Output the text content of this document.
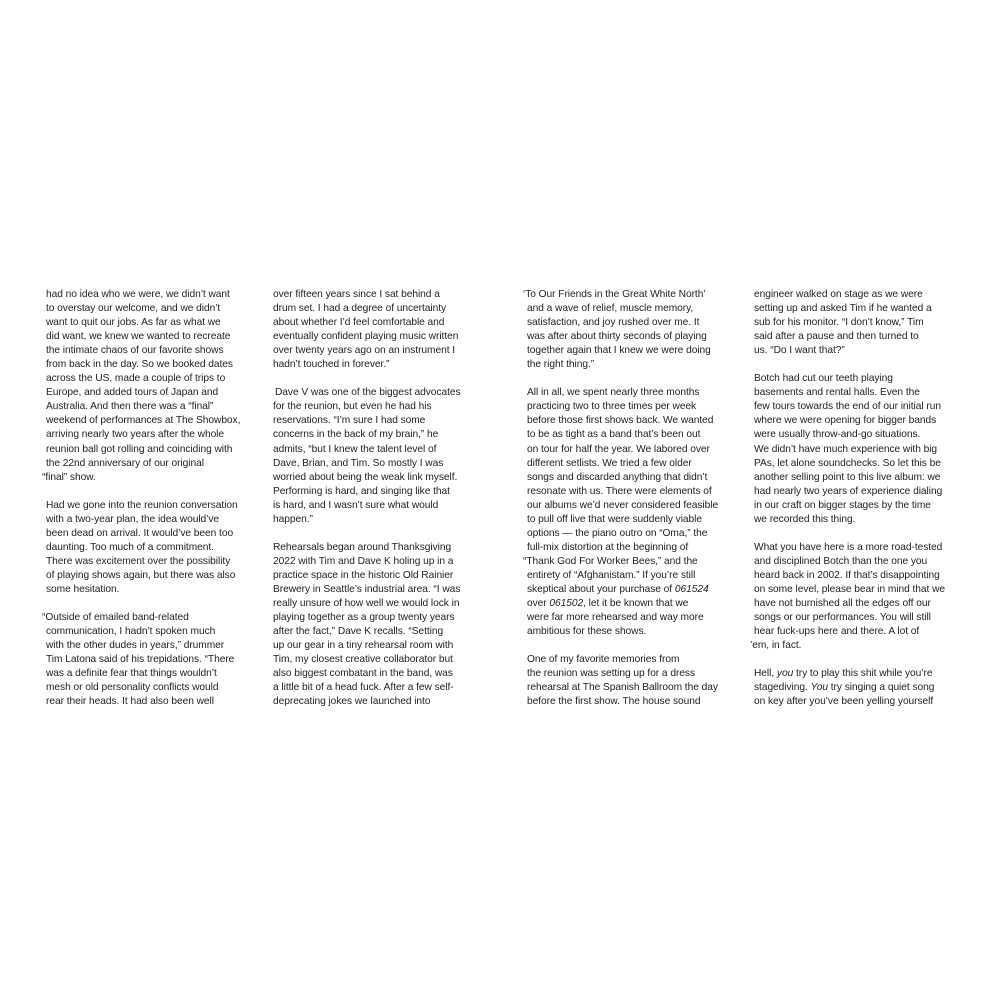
had no idea who we were, we didn’t want
to overstay our welcome, and we didn’t
want to quit our jobs. As far as what we
did want, we knew we wanted to recreate
the intimate chaos of our favorite shows
from back in the day. So we booked dates
across the US, made a couple of trips to
Europe, and added tours of Japan and
Australia. And then there was a “final”
weekend of performances at The Showbox,
arriving nearly two years after the whole
reunion ball got rolling and coinciding with
the 22nd anniversary of our original
“final” show.

Had we gone into the reunion conversation
with a two-year plan, the idea would’ve
been dead on arrival. It would’ve been too
daunting. Too much of a commitment.
There was excitement over the possibility
of playing shows again, but there was also
some hesitation.

“Outside of emailed band-related
communication, I hadn’t spoken much
with the other dudes in years,” drummer
Tim Latona said of his trepidations. “There
was a definite fear that things wouldn’t
mesh or old personality conflicts would
rear their heads. It had also been well

over fifteen years since I sat behind a
drum set. I had a degree of uncertainty
about whether I’d feel comfortable and
eventually confident playing music written
over twenty years ago on an instrument I
hadn’t touched in forever.”

Dave V was one of the biggest advocates
for the reunion, but even he had his
reservations. “I’m sure I had some
concerns in the back of my brain,” he
admits, “but I knew the talent level of
Dave, Brian, and Tim. So mostly I was
worried about being the weak link myself.
Performing is hard, and singing like that
is hard, and I wasn’t sure what would
happen.”

Rehearsals began around Thanksgiving
2022 with Tim and Dave K holing up in a
practice space in the historic Old Rainier
Brewery in Seattle’s industrial area. “I was
really unsure of how well we would lock in
playing together as a group twenty years
after the fact,” Dave K recalls. “Setting
up our gear in a tiny rehearsal room with
Tim, my closest creative collaborator but
also biggest combatant in the band, was
a little bit of a head fuck. After a few self-
deprecating jokes we launched into

‘To Our Friends in the Great White North’
and a wave of relief, muscle memory,
satisfaction, and joy rushed over me. It
was after about thirty seconds of playing
together again that I knew we were doing
the right thing.”

All in all, we spent nearly three months
practicing two to three times per week
before those first shows back. We wanted
to be as tight as a band that’s been out
on tour for half the year. We labored over
different setlists. We tried a few older
songs and discarded anything that didn’t
resonate with us. There were elements of
our albums we’d never considered feasible
to pull off live that were suddenly viable
options — the piano outro on “Oma,” the
full-mix distortion at the beginning of
“Thank God For Worker Bees,” and the
entirety of “Afghanistam.” If you’re still
skeptical about your purchase of 061524
over 061502, let it be known that we
were far more rehearsed and way more
ambitious for these shows.

One of my favorite memories from
the reunion was setting up for a dress
rehearsal at The Spanish Ballroom the day
before the first show. The house sound

engineer walked on stage as we were
setting up and asked Tim if he wanted a
sub for his monitor. “I don’t know,” Tim
said after a pause and then turned to
us. “Do I want that?”

Botch had cut our teeth playing
basements and rental halls. Even the
few tours towards the end of our initial run
where we were opening for bigger bands
were usually throw-and-go situations.
We didn’t have much experience with big
PAs, let alone soundchecks. So let this be
another selling point to this live album: we
had nearly two years of experience dialing
in our craft on bigger stages by the time
we recorded this thing.

What you have here is a more road-tested
and disciplined Botch than the one you
heard back in 2002. If that’s disappointing
on some level, please bear in mind that we
have not burnished all the edges off our
songs or our performances. You will still
hear fuck-ups here and there. A lot of
’em, in fact.

Hell, you try to play this shit while you’re
stagediving. You try singing a quiet song
on key after you’ve been yelling yourself
